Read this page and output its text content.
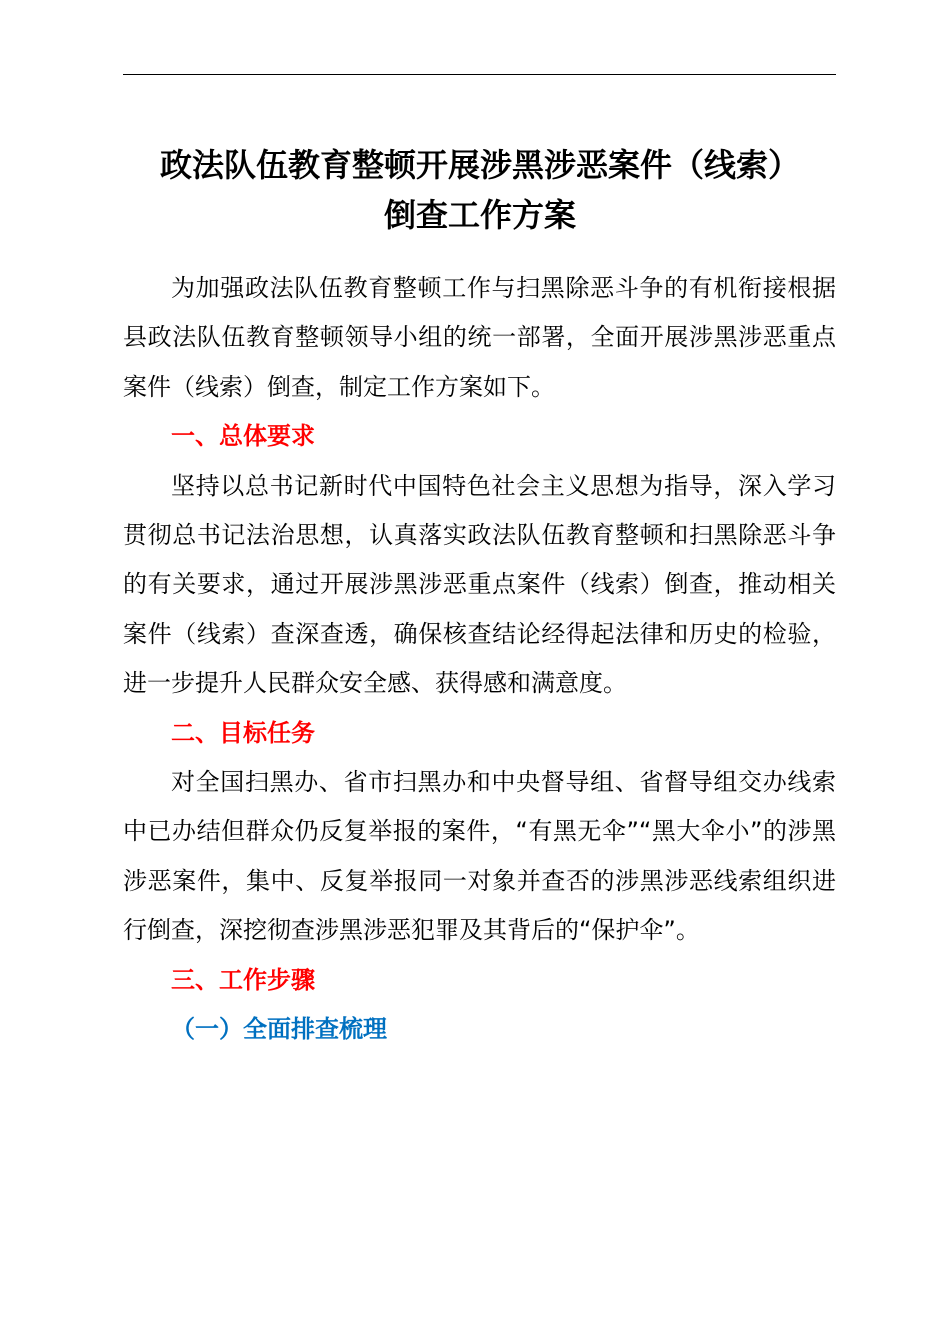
政法队伍教育整顿开展涉黑涉恶案件（线索）
倒查工作方案

为加强政法队伍教育整顿工作与扫黑除恶斗争的有机衔接根据县政法队伍教育整顿领导小组的统一部署，全面开展涉黑涉恶重点案件（线索）倒查，制定工作方案如下。

一、总体要求

坚持以总书记新时代中国特色社会主义思想为指导，深入学习贯彻总书记法治思想，认真落实政法队伍教育整顿和扫黑除恶斗争的有关要求，通过开展涉黑涉恶重点案件（线索）倒查，推动相关案件（线索）查深查透，确保核查结论经得起法律和历史的检验，进一步提升人民群众安全感、获得感和满意度。

二、目标任务

对全国扫黑办、省市扫黑办和中央督导组、省督导组交办线索中已办结但群众仍反复举报的案件，“有黑无伞”“黑大伞小”的涉黑涉恶案件，集中、反复举报同一对象并查否的涉黑涉恶线索组织进行倒查，深挖彻查涉黑涉恶犯罪及其背后的“保护伞”。

三、工作步骤

（一）全面排查梳理
